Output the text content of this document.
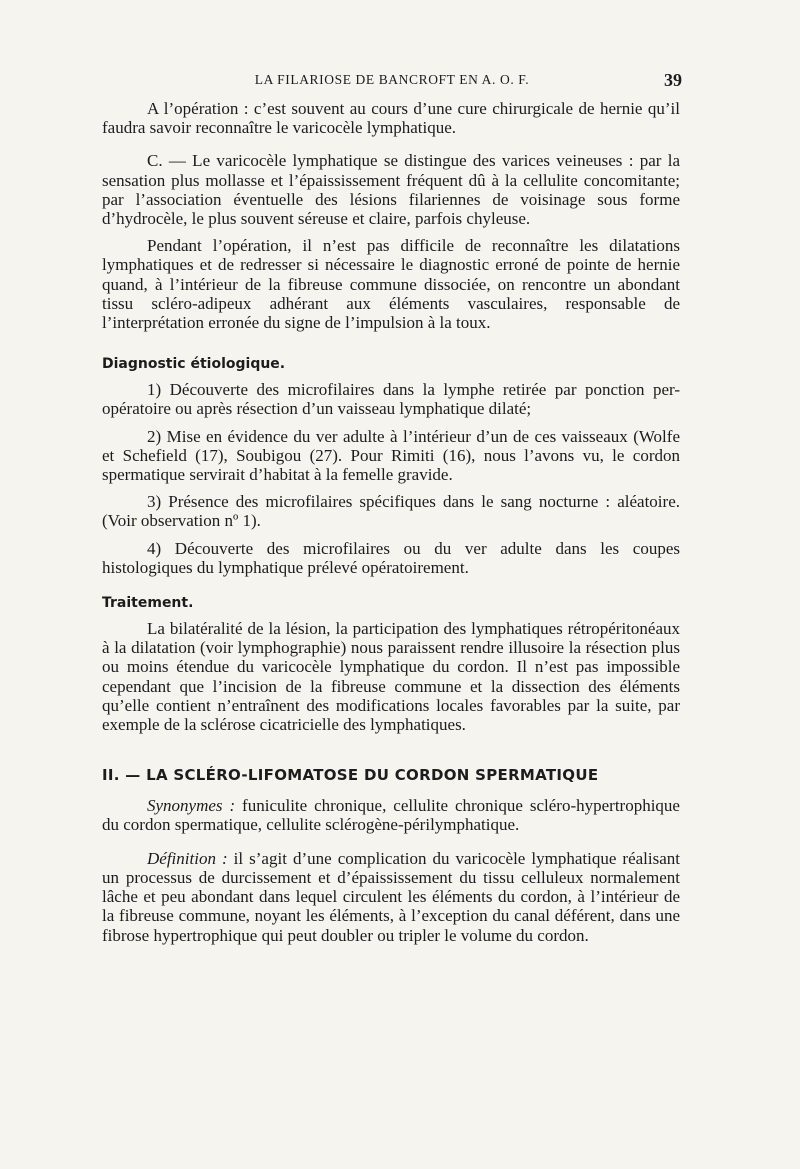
LA FILARIOSE DE BANCROFT EN A. O. F.	39

A l’opération : c’est souvent au cours d’une cure chirurgicale de hernie qu’il faudra savoir reconnaître le varicocèle lymphatique.

C. — Le varicocèle lymphatique se distingue des varices veineuses : par la sensation plus mollasse et l’épaississement fréquent dû à la cellulite concomitante; par l’association éventuelle des lésions filariennes de voisinage sous forme d’hydrocèle, le plus souvent séreuse et claire, parfois chyleuse.

Pendant l’opération, il n’est pas difficile de reconnaître les dilatations lymphatiques et de redresser si nécessaire le diagnostic erroné de pointe de hernie quand, à l’intérieur de la fibreuse commune dissociée, on rencontre un abondant tissu scléro-adipeux adhérant aux éléments vasculaires, responsable de l’interprétation erronée du signe de l’impulsion à la toux.

Diagnostic étiologique.

1) Découverte des microfilaires dans la lymphe retirée par ponction per-opératoire ou après résection d’un vaisseau lymphatique dilaté;

2) Mise en évidence du ver adulte à l’intérieur d’un de ces vaisseaux (Wolfe et Schefield (17), Soubigou (27). Pour Rimiti (16), nous l’avons vu, le cordon spermatique servirait d’habitat à la femelle gravide.

3) Présence des microfilaires spécifiques dans le sang nocturne : aléatoire. (Voir observation nº 1).

4) Découverte des microfilaires ou du ver adulte dans les coupes histologiques du lymphatique prélevé opératoirement.

Traitement.

La bilatéralité de la lésion, la participation des lymphatiques rétropéritonéaux à la dilatation (voir lymphographie) nous paraissent rendre illusoire la résection plus ou moins étendue du varicocèle lymphatique du cordon. Il n’est pas impossible cependant que l’incision de la fibreuse commune et la dissection des éléments qu’elle contient n’entraînent des modifications locales favorables par la suite, par exemple de la sclérose cicatricielle des lymphatiques.

II. — LA SCLÉRO-LIFOMATOSE DU CORDON SPERMATIQUE

Synonymes : funiculite chronique, cellulite chronique scléro-hypertrophique du cordon spermatique, cellulite sclérogène-périlymphatique.

Définition : il s’agit d’une complication du varicocèle lymphatique réalisant un processus de durcissement et d’épaississement du tissu celluleux normalement lâche et peu abondant dans lequel circulent les éléments du cordon, à l’intérieur de la fibreuse commune, noyant les éléments, à l’exception du canal déférent, dans une fibrose hypertrophique qui peut doubler ou tripler le volume du cordon.
